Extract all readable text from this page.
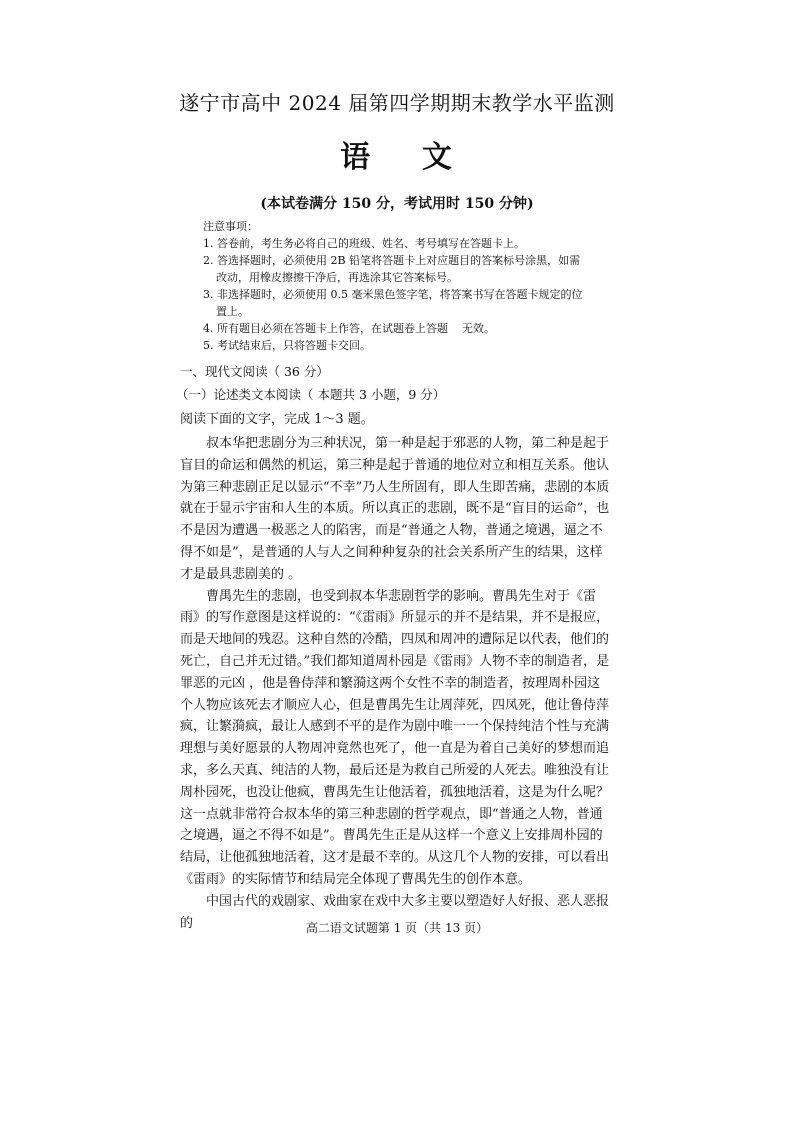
遂宁市高中 2024 届第四学期期末教学水平监测
语    文
(本试卷满分 150 分，考试用时 150 分钟)

注意事项：

1. 答卷前，考生务必将自己的班级、姓名、考号填写在答题卡上。

2. 答选择题时，必须使用 2B 铅笔将答题卡上对应题目的答案标号涂黑，如需

改动，用橡皮擦擦干净后，再选涂其它答案标号。

3. 非选择题时，必须使用 0.5 毫米黑色签字笔，将答案书写在答题卡规定的位

置上。

4. 所有题目必须在答题卡上作答，在试题卷上答题    无效。

5. 考试结束后，只将答题卡交回。

一、现代文阅读（ 36 分）
（一）论述类文本阅读（ 本题共 3 小题，9 分）
阅读下面的文字，完成 1～3 题。

叔本华把悲剧分为三种状况，第一种是起于邪恶的人物，第二种是起于盲目的命运和偶然的机运，第三种是起于普通的地位对立和相互关系。他认为第三种悲剧正足以显示“不幸”乃人生所固有，即人生即苦痛，悲剧的本质就在于显示宇宙和人生的本质。所以真正的悲剧，既不是“盲目的运命”，也不是因为遭遇一极恶之人的陷害，而是“普通之人物，普通之境遇，逼之不得不如是”，是普通的人与人之间种种复杂的社会关系所产生的结果，这样才是最具悲剧美的 。

曹禺先生的悲剧，也受到叔本华悲剧哲学的影响。曹禺先生对于《雷雨》的写作意图是这样说的：“《雷雨》所显示的并不是结果，并不是报应，而是天地间的残忍。这种自然的冷酷，四凤和周冲的遭际足以代表，他们的死亡，自己并无过错。”我们都知道周朴园是《雷雨》人物不幸的制造者，是罪恶的元凶 ，他是鲁侍萍和繁漪这两个女性不幸的制造者，按理周朴园这个人物应该死去才顺应人心，但是曹禺先生让周萍死，四凤死，他让鲁侍萍疯，让繁漪疯，最让人感到不平的是作为剧中唯一一个保持纯洁个性与充满理想与美好愿景的人物周冲竟然也死了，他一直是为着自己美好的梦想而追求，多么天真、纯洁的人物，最后还是为救自己所爱的人死去。唯独没有让周朴园死，也没让他疯，曹禺先生让他活着，孤独地活着，这是为什么呢？这一点就非常符合叔本华的第三种悲剧的哲学观点，即“普通之人物，普通之境遇，逼之不得不如是”。曹禺先生正是从这样一个意义上安排周朴园的结局，让他孤独地活着，这才是最不幸的。从这几个人物的安排，可以看出《雷雨》的实际情节和结局完全体现了曹禺先生的创作本意。

中国古代的戏剧家、戏曲家在戏中大多主要以塑造好人好报、恶人恶报的	高二语文试题第 1 页（共 13 页）
